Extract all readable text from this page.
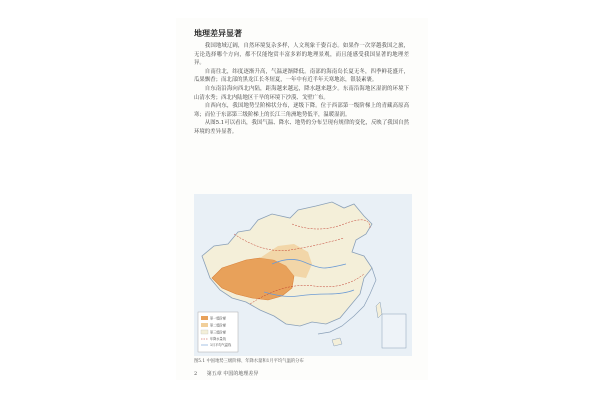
地理差异显著

我国地域辽阔，自然环境复杂多样，人文现象千姿百态。如果作一次穿越我国之旅，无论选择哪个方向，都不仅能饱赏丰富多彩的地理景观，而且能感受我国显著的地理差异。

自南往北，纬度逐渐升高，气温逐渐降低。南部的海南岛长夏无冬，四季鲜花盛开，瓜果飘香；而北部的黑龙江长冬短夏，一年中有近半年天寒地冻，银装素裹。

自东南沿海向西北内陆，距海越来越远，降水越来越少。东南沿海地区湿润的环境下山清水秀；西北内陆地区干旱的环境下沙漠、戈壁广布。

自西向东，我国地势呈阶梯状分布，逐级下降。位于西部第一级阶梯上的青藏高原高寒；而位于东部第三级阶梯上的长江三角洲地势低平，温暖湿润。

从图5.1可以看出，我国气温、降水、地势的分布呈现有规律的变化，反映了我国自然环境的差异显著。

第一级阶梯
第二级阶梯
第三级阶梯
年降水量线
1月平均气温线
图5.1 中国地势三级阶梯、年降水量和1月平均气温的分布
2 第五章 中国的地理差异
